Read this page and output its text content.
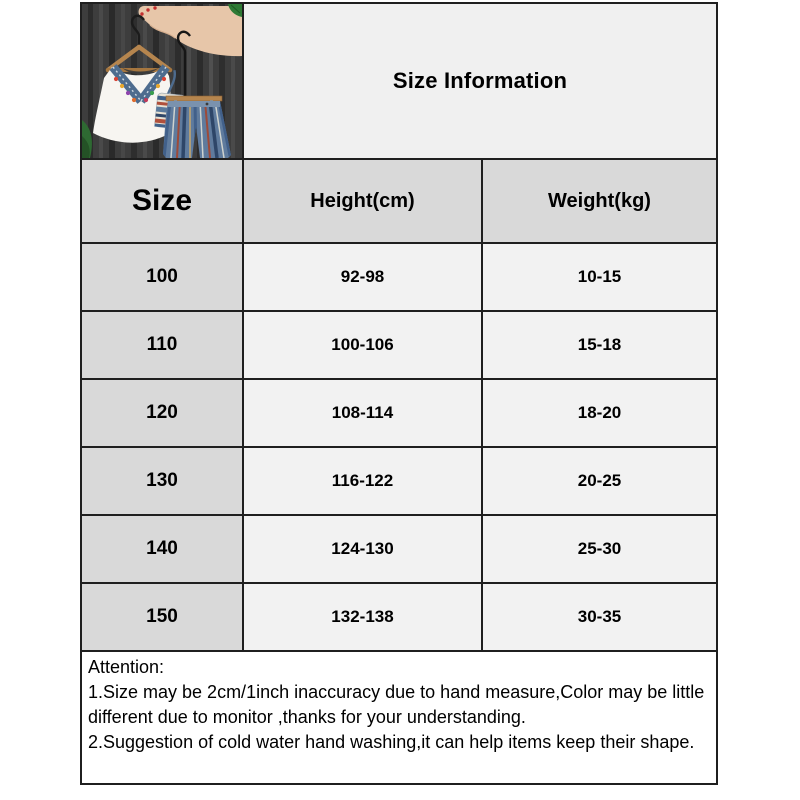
Size Information
Size	Height(cm)	Weight(kg)
100	92-98	10-15
110	100-106	15-18
120	108-114	18-20
130	116-122	20-25
140	124-130	25-30
150	132-138	30-35

Attention:

1.Size may be 2cm/1inch inaccuracy due to hand measure,Color may be little different due to monitor ,thanks for your understanding.

2.Suggestion of cold water hand washing,it can help items keep their shape.
